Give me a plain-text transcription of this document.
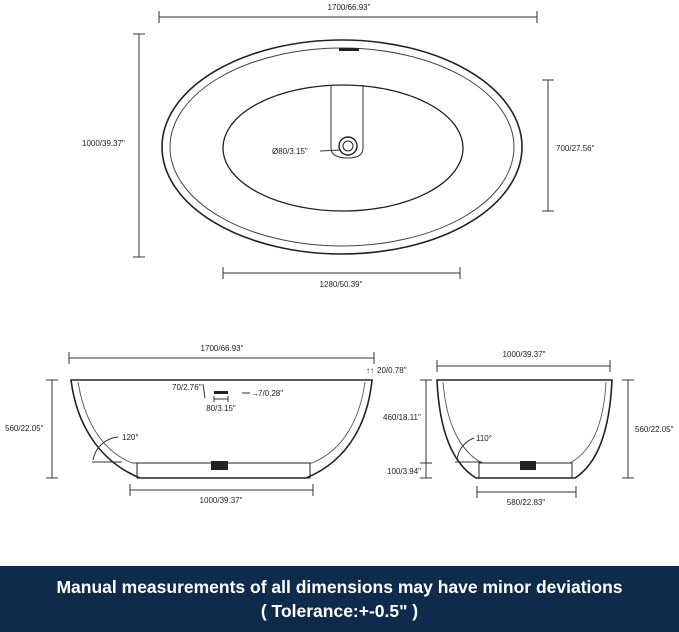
Ø80/3.15"
1700/66.93"
1000/39.37"
700/27.56"
1280/50.39"
1700/66.93"
560/22.05"
70/2.76"
→ 7/0.28"
80/3.15"
↑↑ 20/0.78"
120°
1000/39.37"
1000/39.37"
460/18.11"
100/3.94"
560/22.05"
110°
580/22.83"
Manual measurements of all dimensions may have minor deviations
( Tolerance:+-0.5" )
